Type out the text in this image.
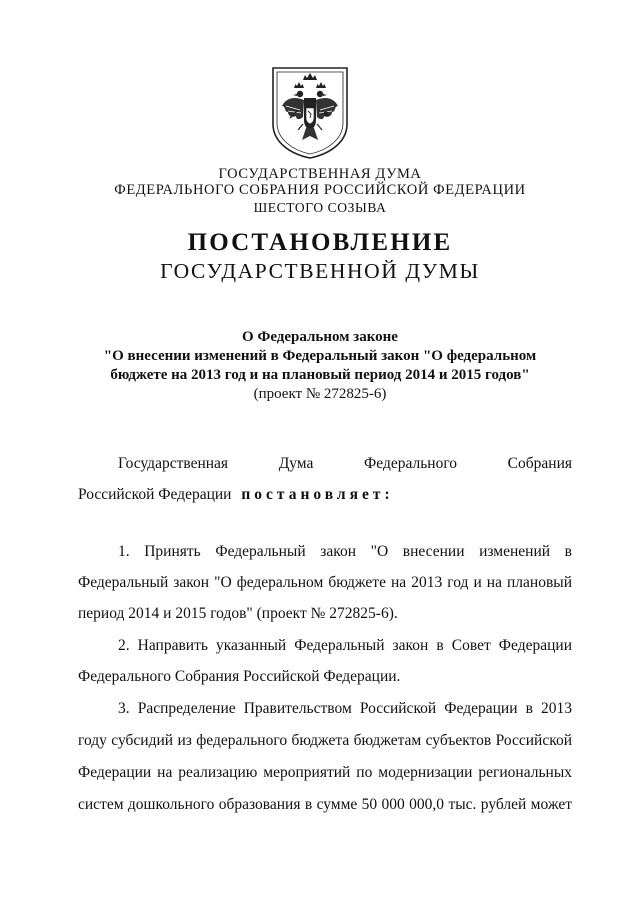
ГОСУДАРСТВЕННАЯ ДУМА
ФЕДЕРАЛЬНОГО СОБРАНИЯ РОССИЙСКОЙ ФЕДЕРАЦИИ
ШЕСТОГО СОЗЫВА
ПОСТАНОВЛЕНИЕ
ГОСУДАРСТВЕННОЙ ДУМЫ
О Федеральном законе
"О внесении изменений в Федеральный закон "О федеральном
бюджете на 2013 год и на плановый период 2014 и 2015 годов"
(проект № 272825-6)
Государственная Дума Федерального Собрания
Российской Федерации постановляет:
1. Принять Федеральный закон "О внесении изменений в
Федеральный закон "О федеральном бюджете на 2013 год и на плановый
период 2014 и 2015 годов" (проект № 272825-6).
2. Направить указанный Федеральный закон в Совет Федерации
Федерального Собрания Российской Федерации.
3. Распределение Правительством Российской Федерации в 2013
году субсидий из федерального бюджета бюджетам субъектов Российской
Федерации на реализацию мероприятий по модернизации региональных
систем дошкольного образования в сумме 50 000 000,0 тыс. рублей может
